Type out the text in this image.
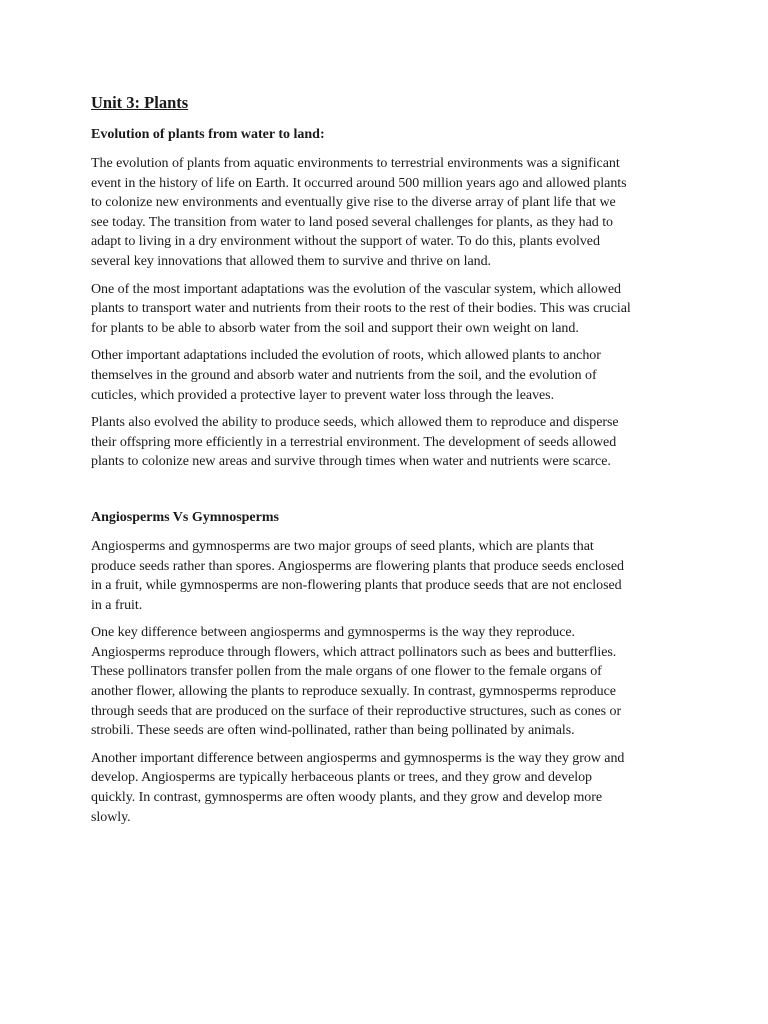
Unit 3: Plants
Evolution of plants from water to land:

The evolution of plants from aquatic environments to terrestrial environments was a significant
event in the history of life on Earth. It occurred around 500 million years ago and allowed plants
to colonize new environments and eventually give rise to the diverse array of plant life that we
see today. The transition from water to land posed several challenges for plants, as they had to
adapt to living in a dry environment without the support of water. To do this, plants evolved
several key innovations that allowed them to survive and thrive on land.

One of the most important adaptations was the evolution of the vascular system, which allowed
plants to transport water and nutrients from their roots to the rest of their bodies. This was crucial
for plants to be able to absorb water from the soil and support their own weight on land.

Other important adaptations included the evolution of roots, which allowed plants to anchor
themselves in the ground and absorb water and nutrients from the soil, and the evolution of
cuticles, which provided a protective layer to prevent water loss through the leaves.

Plants also evolved the ability to produce seeds, which allowed them to reproduce and disperse
their offspring more efficiently in a terrestrial environment. The development of seeds allowed
plants to colonize new areas and survive through times when water and nutrients were scarce.

Angiosperms Vs Gymnosperms

Angiosperms and gymnosperms are two major groups of seed plants, which are plants that
produce seeds rather than spores. Angiosperms are flowering plants that produce seeds enclosed
in a fruit, while gymnosperms are non-flowering plants that produce seeds that are not enclosed
in a fruit.

One key difference between angiosperms and gymnosperms is the way they reproduce.
Angiosperms reproduce through flowers, which attract pollinators such as bees and butterflies.
These pollinators transfer pollen from the male organs of one flower to the female organs of
another flower, allowing the plants to reproduce sexually. In contrast, gymnosperms reproduce
through seeds that are produced on the surface of their reproductive structures, such as cones or
strobili. These seeds are often wind-pollinated, rather than being pollinated by animals.

Another important difference between angiosperms and gymnosperms is the way they grow and
develop. Angiosperms are typically herbaceous plants or trees, and they grow and develop
quickly. In contrast, gymnosperms are often woody plants, and they grow and develop more
slowly.
